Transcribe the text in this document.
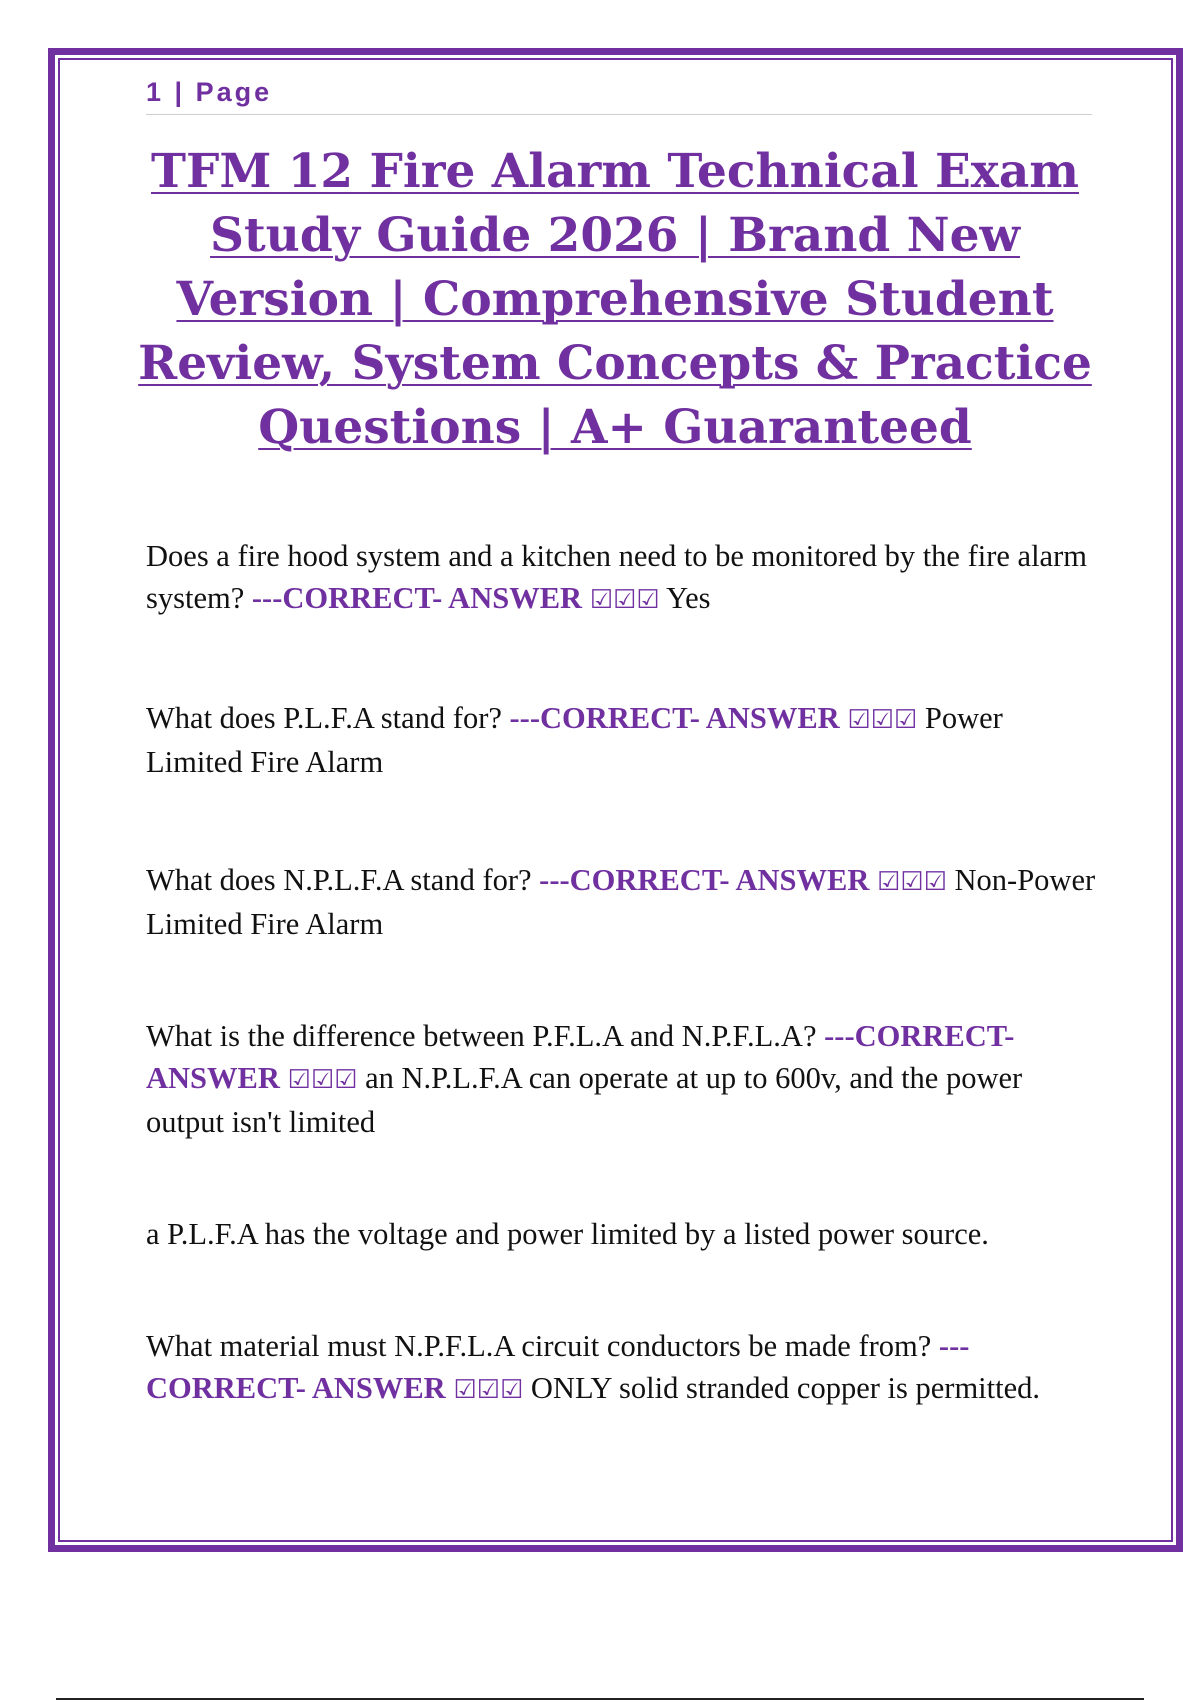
1 | Page
TFM 12 Fire Alarm Technical Exam Study Guide 2026 | Brand New Version | Comprehensive Student Review, System Concepts & Practice Questions | A+ Guaranteed

Does a fire hood system and a kitchen need to be monitored by the fire alarm system? ---CORRECT- ANSWER ☑☑☑ Yes

What does P.L.F.A stand for? ---CORRECT- ANSWER ☑☑☑ Power Limited Fire Alarm

What does N.P.L.F.A stand for? ---CORRECT- ANSWER ☑☑☑ Non-Power Limited Fire Alarm

What is the difference between P.F.L.A and N.P.F.L.A? ---CORRECT- ANSWER ☑☑☑ an N.P.L.F.A can operate at up to 600v, and the power output isn't limited

a P.L.F.A has the voltage and power limited by a listed power source.

What material must N.P.F.L.A circuit conductors be made from? ---CORRECT- ANSWER ☑☑☑ ONLY solid stranded copper is permitted.
